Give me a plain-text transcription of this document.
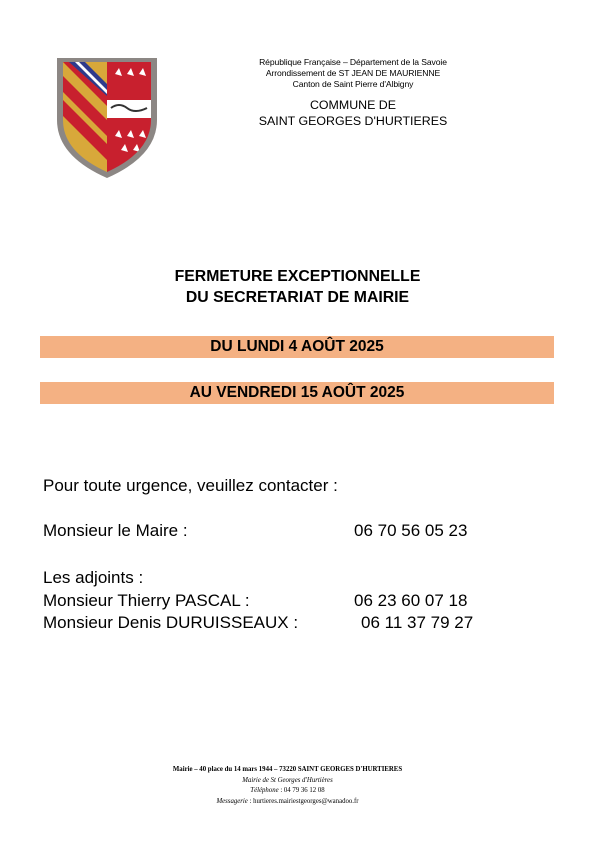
République Française – Département de la Savoie
Arrondissement de ST JEAN DE MAURIENNE
Canton de Saint Pierre d'Albigny
COMMUNE DE
SAINT GEORGES D'HURTIERES
FERMETURE EXCEPTIONNELLE
DU SECRETARIAT DE MAIRIE
DU LUNDI 4 AOÛT 2025
AU VENDREDI 15 AOÛT 2025
Pour toute urgence, veuillez contacter :
Monsieur le Maire :	06 70 56 05 23
Les adjoints :
Monsieur Thierry PASCAL :	06 23 60 07 18
Monsieur Denis DURUISSEAUX :	06 11 37 79 27
Mairie – 40 place du 14 mars 1944 – 73220 SAINT GEORGES D'HURTIERES
Mairie de St Georges d'Hurtières
Téléphone : 04 79 36 12 08
Messagerie : hurtieres.mairiestgeorges@wanadoo.fr
